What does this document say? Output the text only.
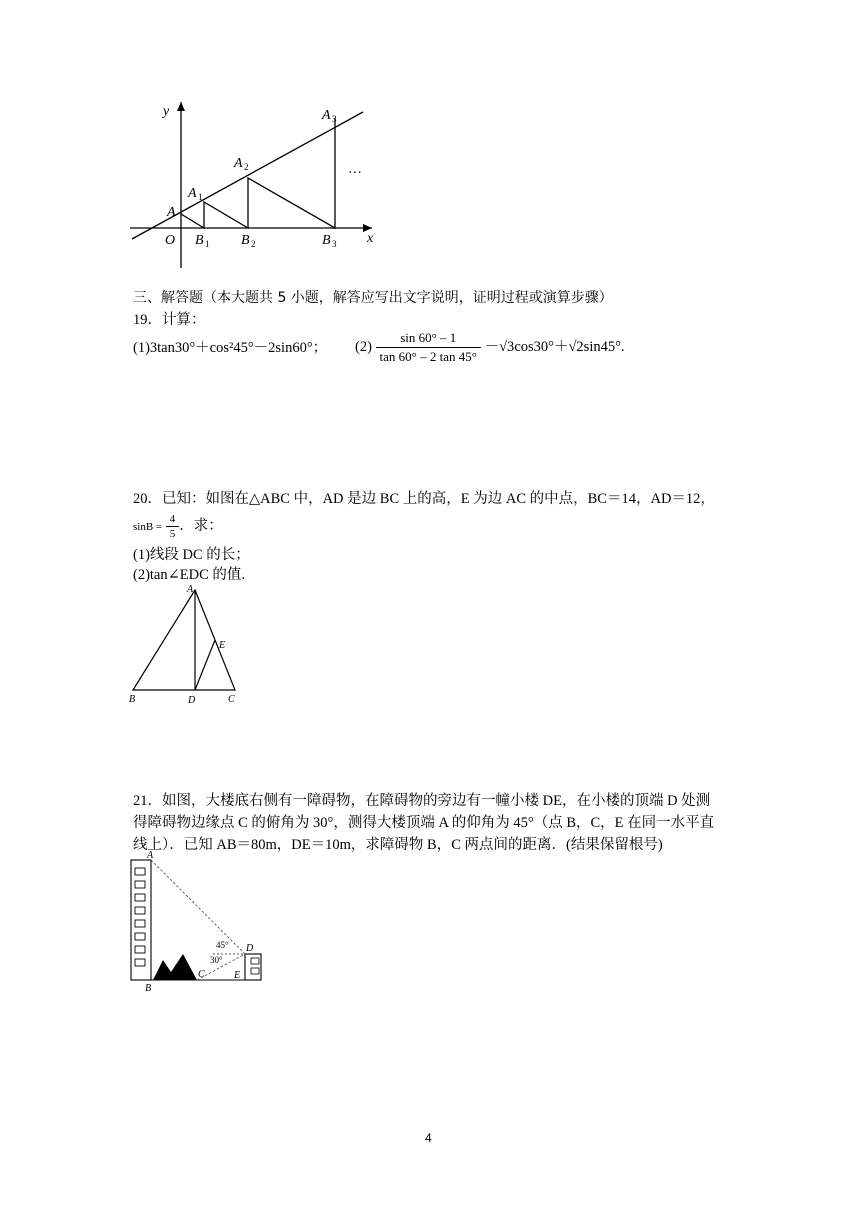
y
x
O
A
A 1
A 2
A 3
B 1 B 2	B 3
…
三、解答题（本大题共 5 小题，解答应写出文字说明，证明过程或演算步骤）
19．计算：
(1)3tan30°＋cos²45°－2sin60°； $(2) \frac{\sin 60^\circ - 1}{\tan 60^\circ - 2 \tan 45^\circ} -√3\cos 30^\circ+√2\sin 45^\circ$.
20．已知：如图在△ABC 中，AD 是边 BC 上的高，E 为边 AC 的中点，BC＝14，AD＝12，
$\sin B = \frac{4}{5}$ ．求：
(1)线段 DC 的长；
(2)tan∠EDC 的值.
A
B	D	C
E
21．如图，大楼底右侧有一障碍物，在障碍物的旁边有一幢小楼 DE，在小楼的顶端 D 处测
得障碍物边缘点 C 的俯角为 30°，测得大楼顶端 A 的仰角为 45°（点 B，C，E 在同一水平直
线上）．已知 AB＝80m，DE＝10m，求障碍物 B，C 两点间的距离．(结果保留根号)
A
B
C
D
E
45°
30°
4
